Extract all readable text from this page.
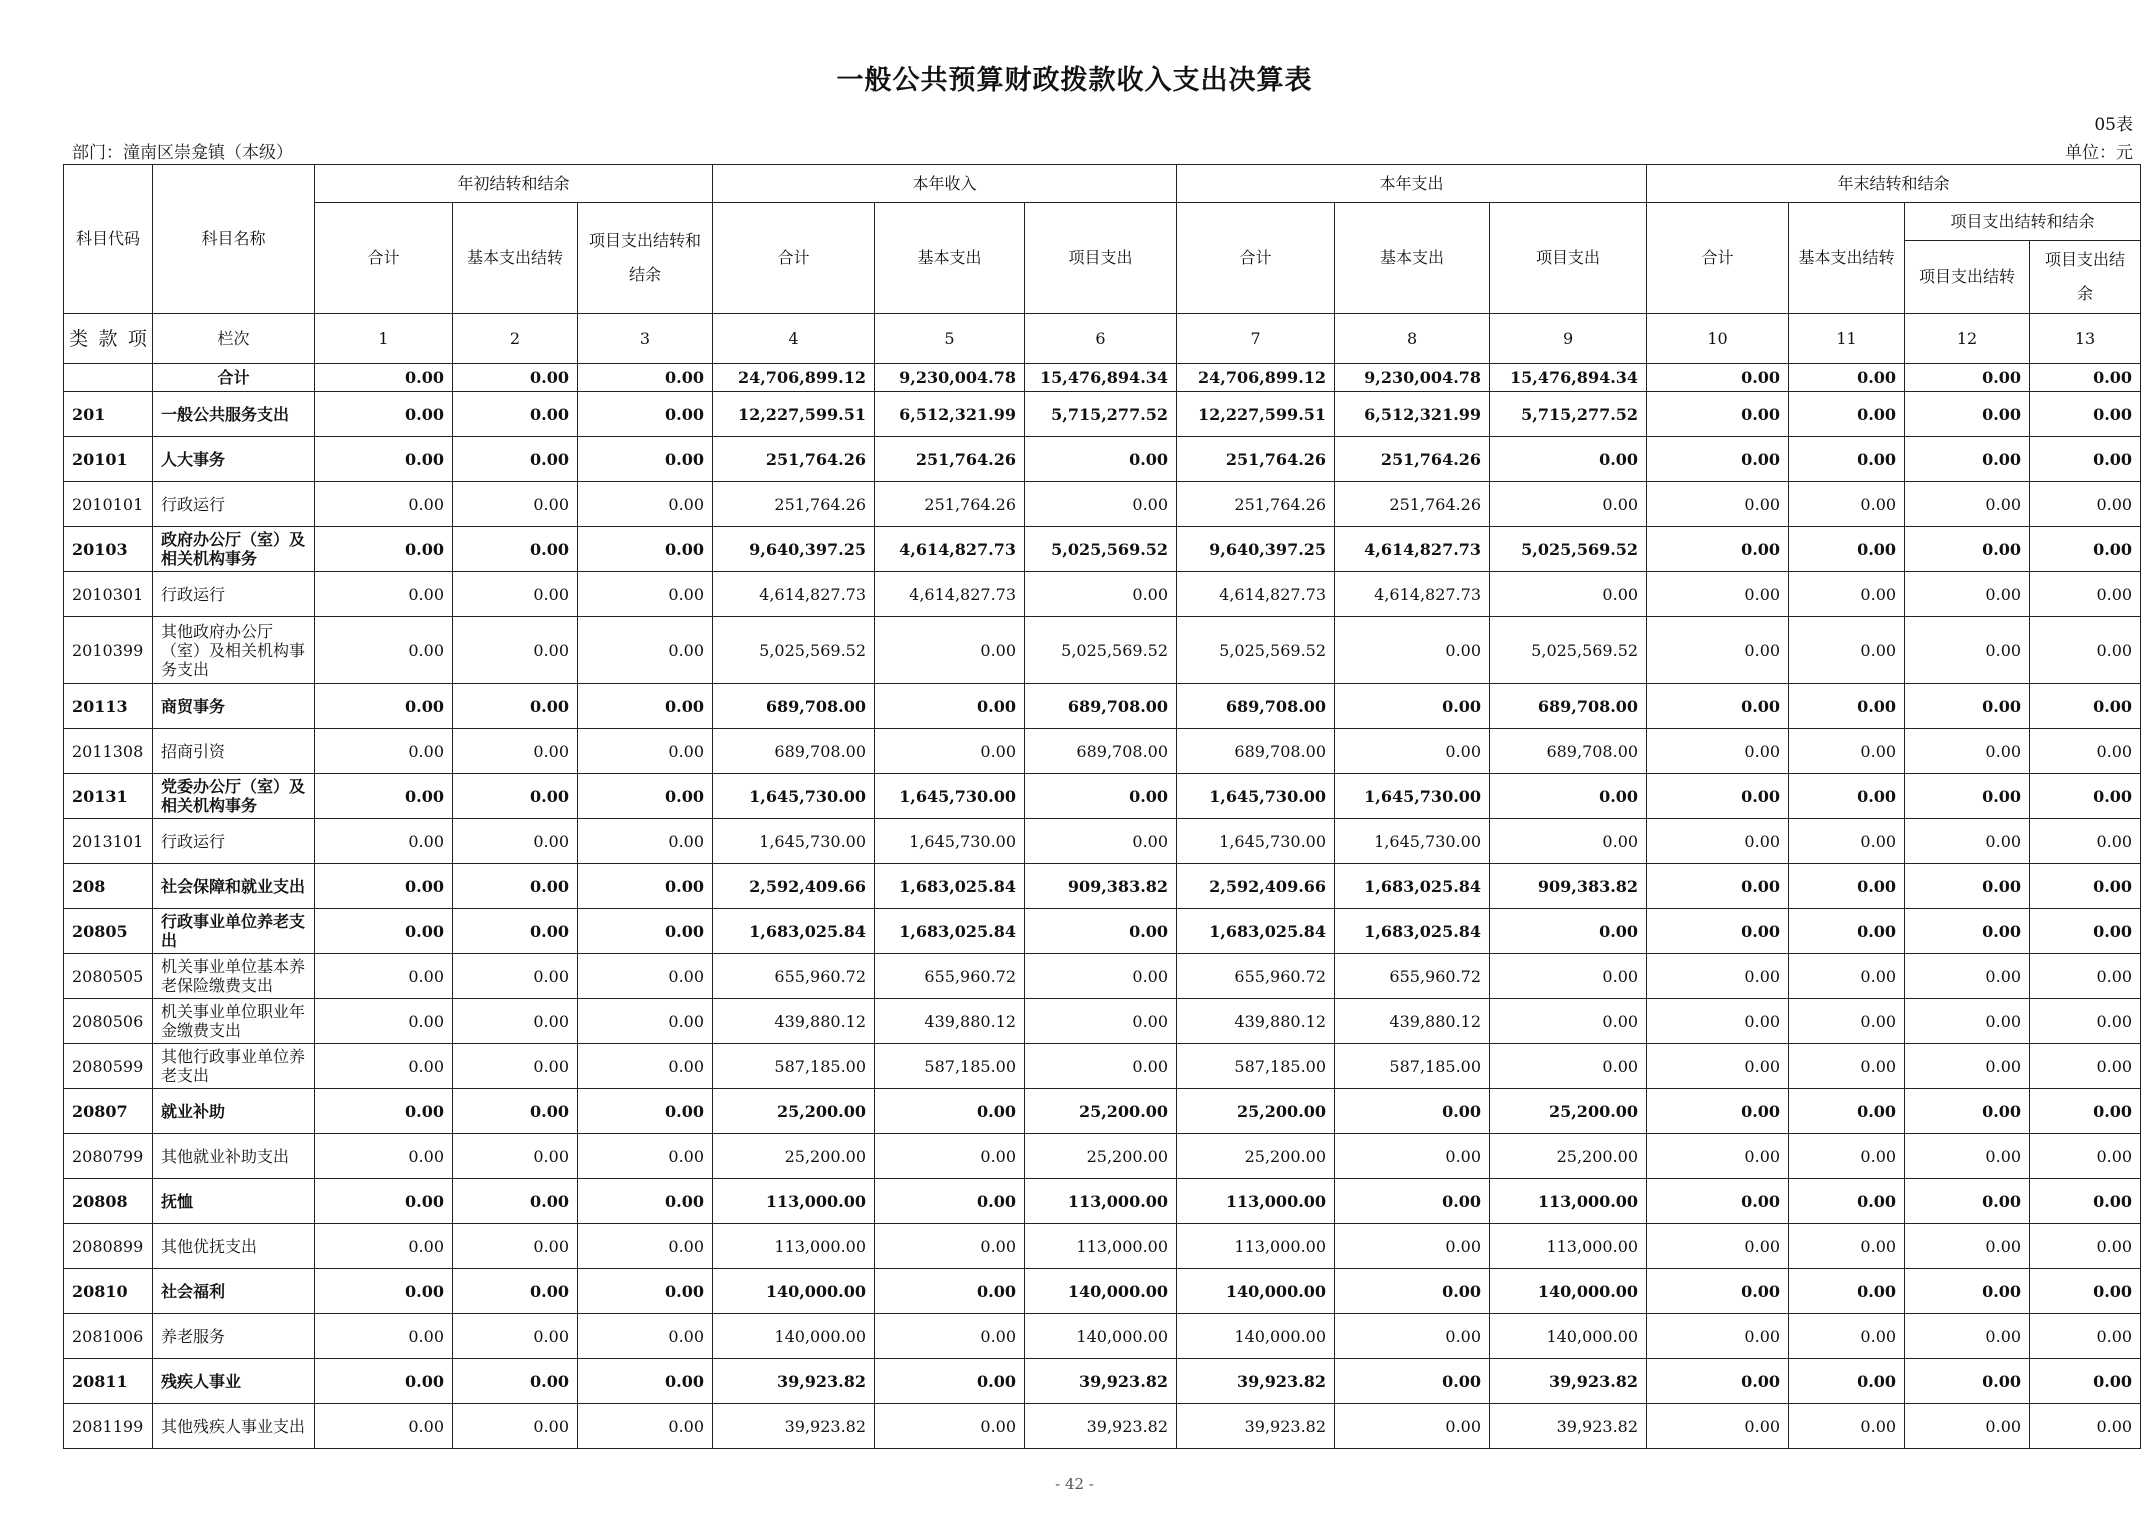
一般公共预算财政拨款收入支出决算表
05表
部门：潼南区崇龛镇（本级）	单位：元
科目代码	科目名称	年初结转和结余			本年收入			本年支出			年末结转和结余			
		合计	基本支出结转	项目支出结转和结余	合计	基本支出	项目支出	合计	基本支出	项目支出	合计	基本支出结转	项目支出结转和结余	
													项目支出结转	项目支出结余

类 款 项	栏次	1	2	3	4	5	6	7	8	9	10	11	12	13
	合计	0.00	0.00	0.00	24,706,899.12	9,230,004.78	15,476,894.34	24,706,899.12	9,230,004.78	15,476,894.34	0.00	0.00	0.00	0.00
201	一般公共服务支出	0.00	0.00	0.00	12,227,599.51	6,512,321.99	5,715,277.52	12,227,599.51	6,512,321.99	5,715,277.52	0.00	0.00	0.00	0.00
20101	人大事务	0.00	0.00	0.00	251,764.26	251,764.26	0.00	251,764.26	251,764.26	0.00	0.00	0.00	0.00	0.00
2010101	行政运行	0.00	0.00	0.00	251,764.26	251,764.26	0.00	251,764.26	251,764.26	0.00	0.00	0.00	0.00	0.00
20103	政府办公厅（室）及相关机构事务	0.00	0.00	0.00	9,640,397.25	4,614,827.73	5,025,569.52	9,640,397.25	4,614,827.73	5,025,569.52	0.00	0.00	0.00	0.00
2010301	行政运行	0.00	0.00	0.00	4,614,827.73	4,614,827.73	0.00	4,614,827.73	4,614,827.73	0.00	0.00	0.00	0.00	0.00
2010399	其他政府办公厅（室）及相关机构事务支出	0.00	0.00	0.00	5,025,569.52	0.00	5,025,569.52	5,025,569.52	0.00	5,025,569.52	0.00	0.00	0.00	0.00
20113	商贸事务	0.00	0.00	0.00	689,708.00	0.00	689,708.00	689,708.00	0.00	689,708.00	0.00	0.00	0.00	0.00
2011308	招商引资	0.00	0.00	0.00	689,708.00	0.00	689,708.00	689,708.00	0.00	689,708.00	0.00	0.00	0.00	0.00
20131	党委办公厅（室）及相关机构事务	0.00	0.00	0.00	1,645,730.00	1,645,730.00	0.00	1,645,730.00	1,645,730.00	0.00	0.00	0.00	0.00	0.00
2013101	行政运行	0.00	0.00	0.00	1,645,730.00	1,645,730.00	0.00	1,645,730.00	1,645,730.00	0.00	0.00	0.00	0.00	0.00
208	社会保障和就业支出	0.00	0.00	0.00	2,592,409.66	1,683,025.84	909,383.82	2,592,409.66	1,683,025.84	909,383.82	0.00	0.00	0.00	0.00
20805	行政事业单位养老支出	0.00	0.00	0.00	1,683,025.84	1,683,025.84	0.00	1,683,025.84	1,683,025.84	0.00	0.00	0.00	0.00	0.00
2080505	机关事业单位基本养老保险缴费支出	0.00	0.00	0.00	655,960.72	655,960.72	0.00	655,960.72	655,960.72	0.00	0.00	0.00	0.00	0.00
2080506	机关事业单位职业年金缴费支出	0.00	0.00	0.00	439,880.12	439,880.12	0.00	439,880.12	439,880.12	0.00	0.00	0.00	0.00	0.00
2080599	其他行政事业单位养老支出	0.00	0.00	0.00	587,185.00	587,185.00	0.00	587,185.00	587,185.00	0.00	0.00	0.00	0.00	0.00
20807	就业补助	0.00	0.00	0.00	25,200.00	0.00	25,200.00	25,200.00	0.00	25,200.00	0.00	0.00	0.00	0.00
2080799	其他就业补助支出	0.00	0.00	0.00	25,200.00	0.00	25,200.00	25,200.00	0.00	25,200.00	0.00	0.00	0.00	0.00
20808	抚恤	0.00	0.00	0.00	113,000.00	0.00	113,000.00	113,000.00	0.00	113,000.00	0.00	0.00	0.00	0.00
2080899	其他优抚支出	0.00	0.00	0.00	113,000.00	0.00	113,000.00	113,000.00	0.00	113,000.00	0.00	0.00	0.00	0.00
20810	社会福利	0.00	0.00	0.00	140,000.00	0.00	140,000.00	140,000.00	0.00	140,000.00	0.00	0.00	0.00	0.00
2081006	养老服务	0.00	0.00	0.00	140,000.00	0.00	140,000.00	140,000.00	0.00	140,000.00	0.00	0.00	0.00	0.00
20811	残疾人事业	0.00	0.00	0.00	39,923.82	0.00	39,923.82	39,923.82	0.00	39,923.82	0.00	0.00	0.00	0.00
2081199	其他残疾人事业支出	0.00	0.00	0.00	39,923.82	0.00	39,923.82	39,923.82	0.00	39,923.82	0.00	0.00	0.00	0.00
- 42 -
